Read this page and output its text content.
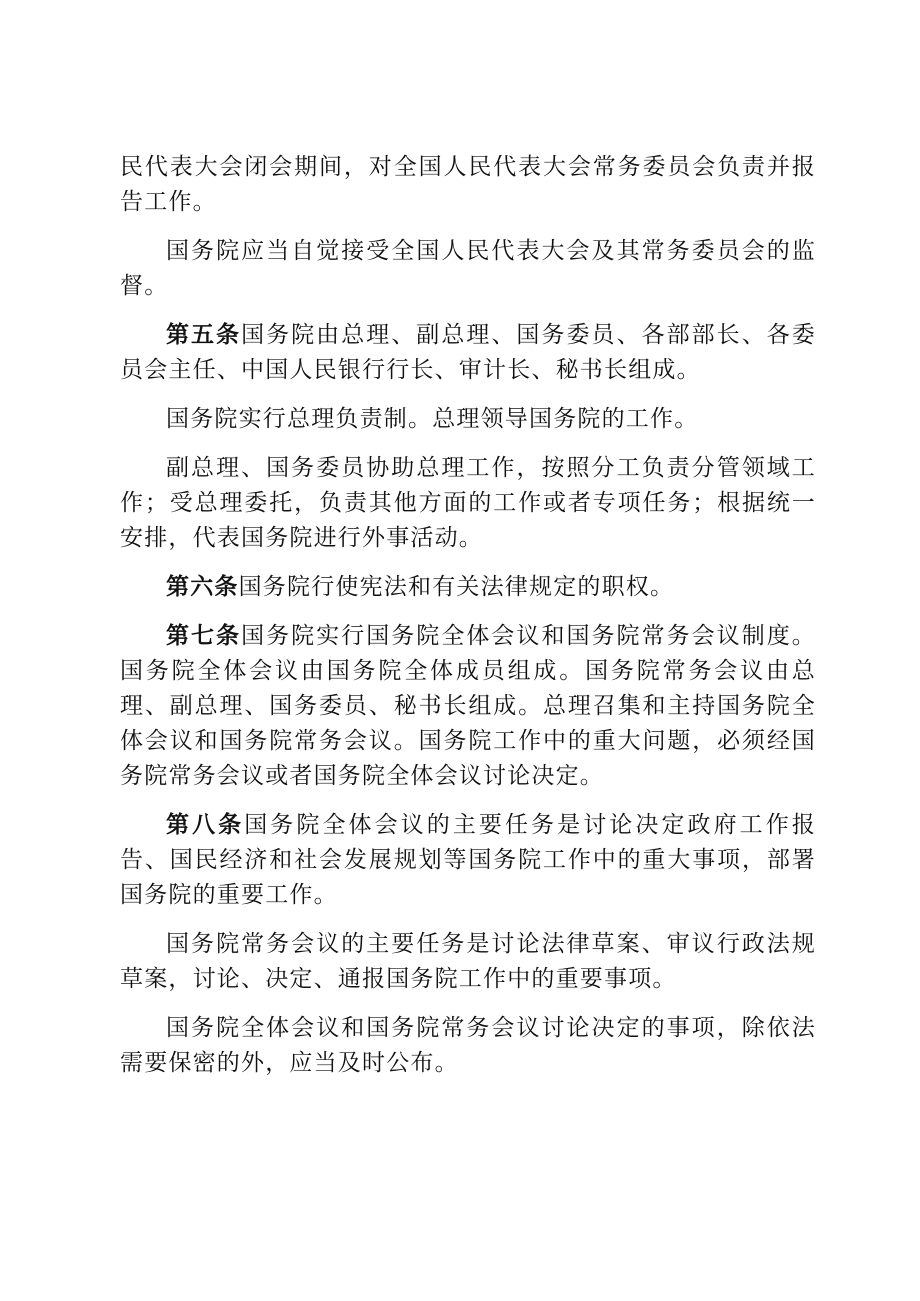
民代表大会闭会期间，对全国人民代表大会常务委员会负责并报告工作。

国务院应当自觉接受全国人民代表大会及其常务委员会的监督。

第五条国务院由总理、副总理、国务委员、各部部长、各委员会主任、中国人民银行行长、审计长、秘书长组成。

国务院实行总理负责制。总理领导国务院的工作。

副总理、国务委员协助总理工作，按照分工负责分管领域工作；受总理委托，负责其他方面的工作或者专项任务；根据统一安排，代表国务院进行外事活动。

第六条国务院行使宪法和有关法律规定的职权。

第七条国务院实行国务院全体会议和国务院常务会议制度。国务院全体会议由国务院全体成员组成。国务院常务会议由总理、副总理、国务委员、秘书长组成。总理召集和主持国务院全体会议和国务院常务会议。国务院工作中的重大问题，必须经国务院常务会议或者国务院全体会议讨论决定。

第八条国务院全体会议的主要任务是讨论决定政府工作报告、国民经济和社会发展规划等国务院工作中的重大事项，部署国务院的重要工作。

国务院常务会议的主要任务是讨论法律草案、审议行政法规草案，讨论、决定、通报国务院工作中的重要事项。

国务院全体会议和国务院常务会议讨论决定的事项，除依法需要保密的外，应当及时公布。
